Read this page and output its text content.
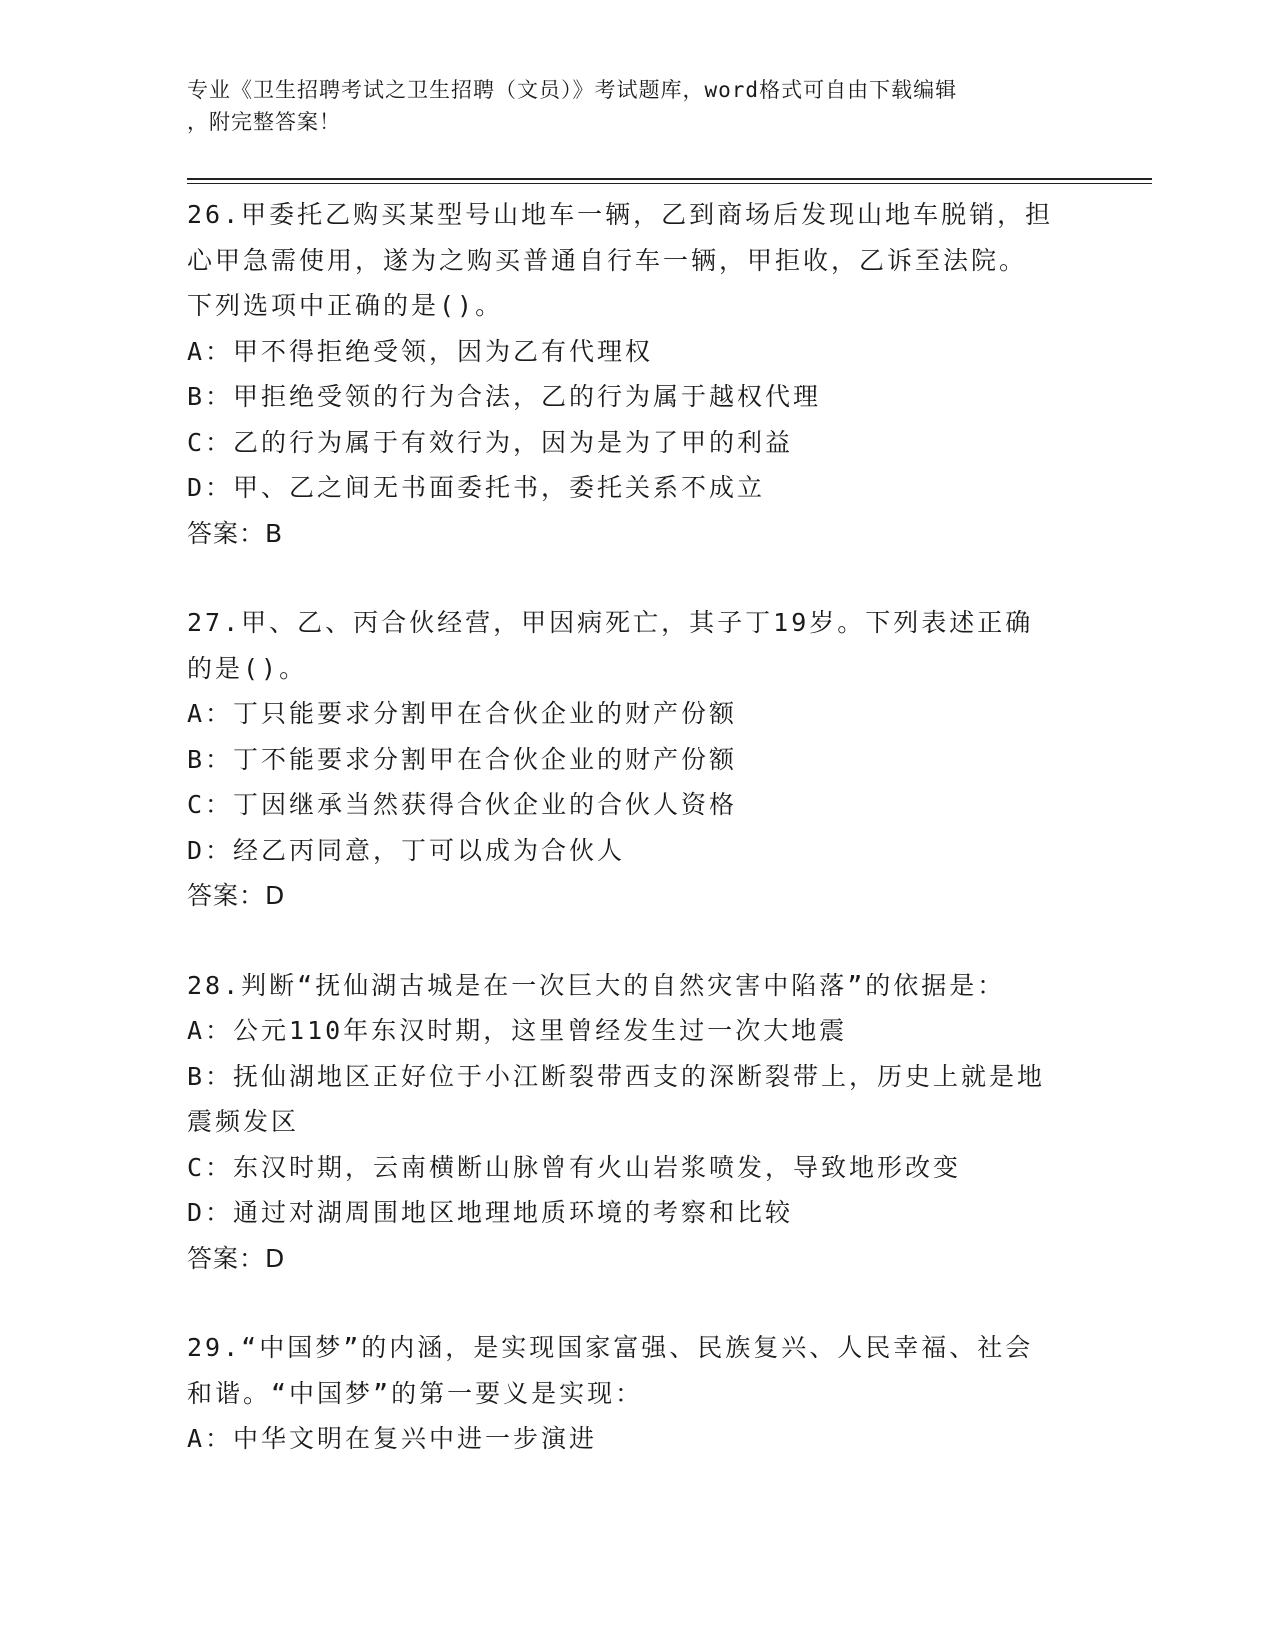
专业《卫生招聘考试之卫生招聘（文员）》考试题库，word格式可自由下载编辑
，附完整答案！
26.甲委托乙购买某型号山地车一辆，乙到商场后发现山地车脱销，担
心甲急需使用，遂为之购买普通自行车一辆，甲拒收，乙诉至法院。
下列选项中正确的是()。
A：甲不得拒绝受领，因为乙有代理权
B：甲拒绝受领的行为合法，乙的行为属于越权代理
C：乙的行为属于有效行为，因为是为了甲的利益
D：甲、乙之间无书面委托书，委托关系不成立
答案：B
27.甲、乙、丙合伙经营，甲因病死亡，其子丁19岁。下列表述正确
的是()。
A：丁只能要求分割甲在合伙企业的财产份额
B：丁不能要求分割甲在合伙企业的财产份额
C：丁因继承当然获得合伙企业的合伙人资格
D：经乙丙同意，丁可以成为合伙人
答案：D
28.判断“抚仙湖古城是在一次巨大的自然灾害中陷落”的依据是：
A：公元110年东汉时期，这里曾经发生过一次大地震
B：抚仙湖地区正好位于小江断裂带西支的深断裂带上，历史上就是地
震频发区
C：东汉时期，云南横断山脉曾有火山岩浆喷发，导致地形改变
D：通过对湖周围地区地理地质环境的考察和比较
答案：D
29.“中国梦”的内涵，是实现国家富强、民族复兴、人民幸福、社会
和谐。“中国梦”的第一要义是实现：
A：中华文明在复兴中进一步演进
